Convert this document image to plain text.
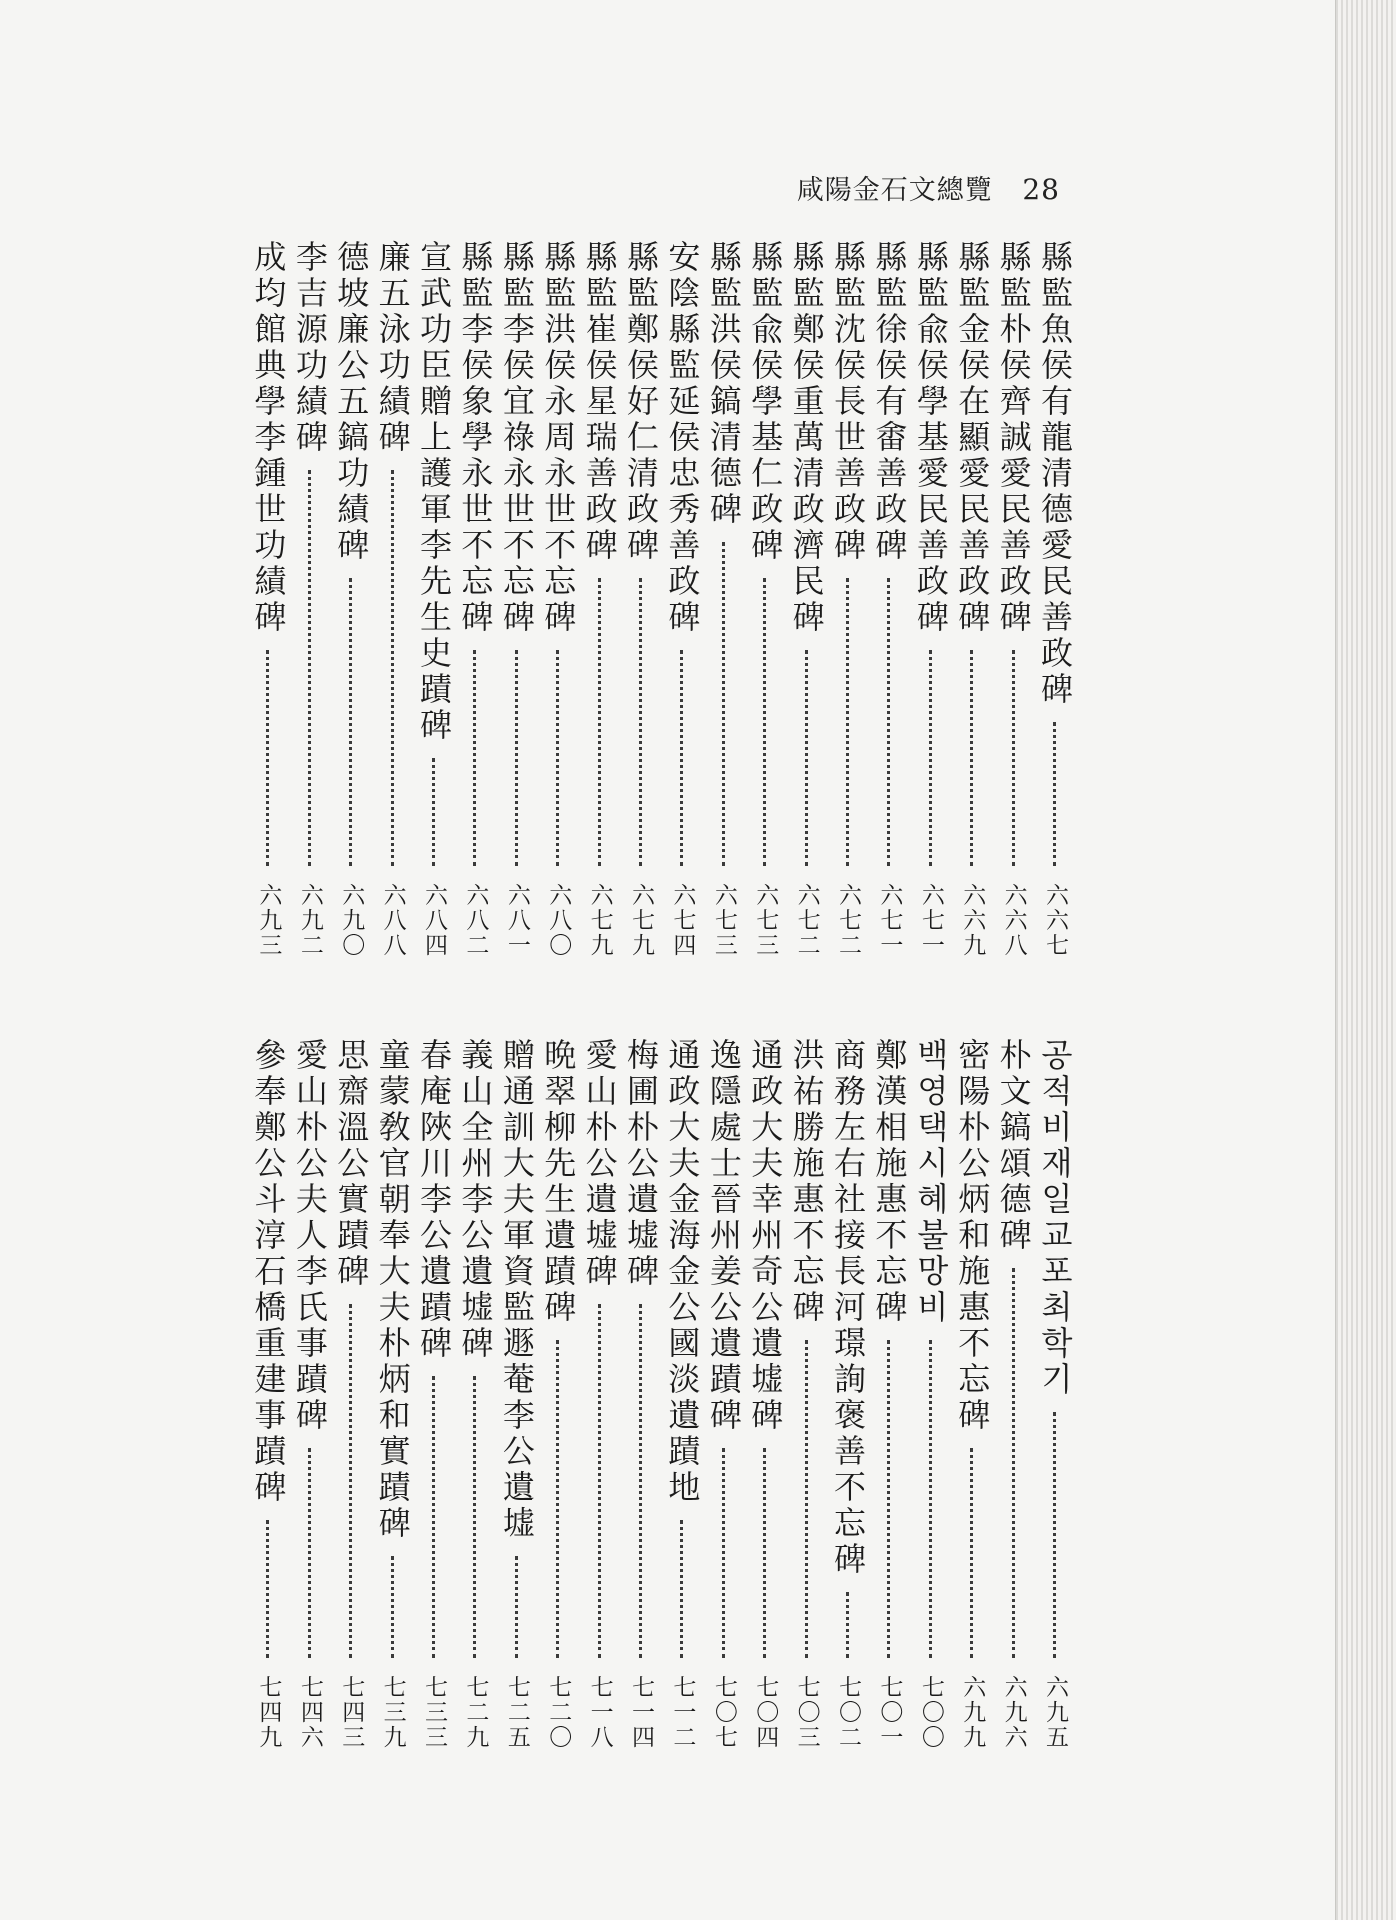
咸陽金石文總覽 28
縣監魚侯有龍清德愛民善政碑
六六七
縣監朴侯齊誠愛民善政碑
六六八
縣監金侯在顯愛民善政碑
六六九
縣監兪侯學基愛民善政碑
六七一
縣監徐侯有畬善政碑
六七一
縣監沈侯長世善政碑
六七二
縣監鄭侯重萬清政濟民碑
六七二
縣監兪侯學基仁政碑
六七三
縣監洪侯鎬清德碑
六七三
安陰縣監延侯忠秀善政碑
六七四
縣監鄭侯好仁清政碑
六七九
縣監崔侯星瑞善政碑
六七九
縣監洪侯永周永世不忘碑
六八〇
縣監李侯宜祿永世不忘碑
六八一
縣監李侯象學永世不忘碑
六八二
宣武功臣贈上護軍李先生史蹟碑
六八四
廉五泳功績碑
六八八
德坡廉公五鎬功績碑
六九〇
李吉源功績碑
六九二
成均館典學李鍾世功績碑
六九三
공적비재일교포최학기
六九五
朴文鎬頌德碑
六九六
密陽朴公炳和施惠不忘碑
六九九
백영택시혜불망비
七〇〇
鄭漢相施惠不忘碑
七〇一
商務左右社接長河璟詢褒善不忘碑
七〇二
洪祐勝施惠不忘碑
七〇三
通政大夫幸州奇公遺墟碑
七〇四
逸隱處士晉州姜公遺蹟碑
七〇七
通政大夫金海金公國淡遺蹟地
七一二
梅圃朴公遺墟碑
七一四
愛山朴公遺墟碑
七一八
晩翠柳先生遺蹟碑
七二〇
贈通訓大夫軍資監遯菴李公遺墟
七二五
義山全州李公遺墟碑
七二九
春庵陜川李公遺蹟碑
七三三
童蒙敎官朝奉大夫朴炳和實蹟碑
七三九
思齋溫公實蹟碑
七四三
愛山朴公夫人李氏事蹟碑
七四六
參奉鄭公斗淳石橋重建事蹟碑
七四九
